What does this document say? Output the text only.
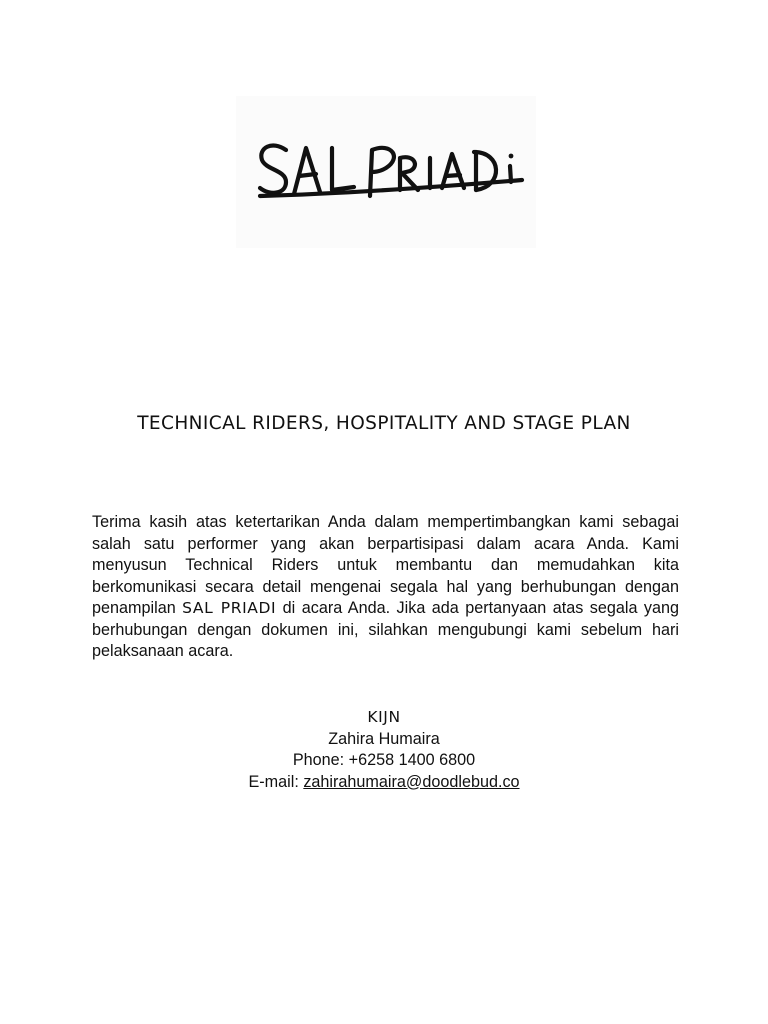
TECHNICAL RIDERS, HOSPITALITY AND STAGE PLAN
Terima kasih atas ketertarikan Anda dalam mempertimbangkan kami sebagai salah satu performer yang akan berpartisipasi dalam acara Anda. Kami menyusun Technical Riders untuk membantu dan memudahkan kita berkomunikasi secara detail mengenai segala hal yang berhubungan dengan penampilan SAL PRIADI di acara Anda. Jika ada pertanyaan atas segala yang berhubungan dengan dokumen ini, silahkan mengubungi kami sebelum hari pelaksanaan acara.
KIJN
Zahira Humaira
Phone: +6258 1400 6800
E-mail: zahirahumaira@doodlebud.co
